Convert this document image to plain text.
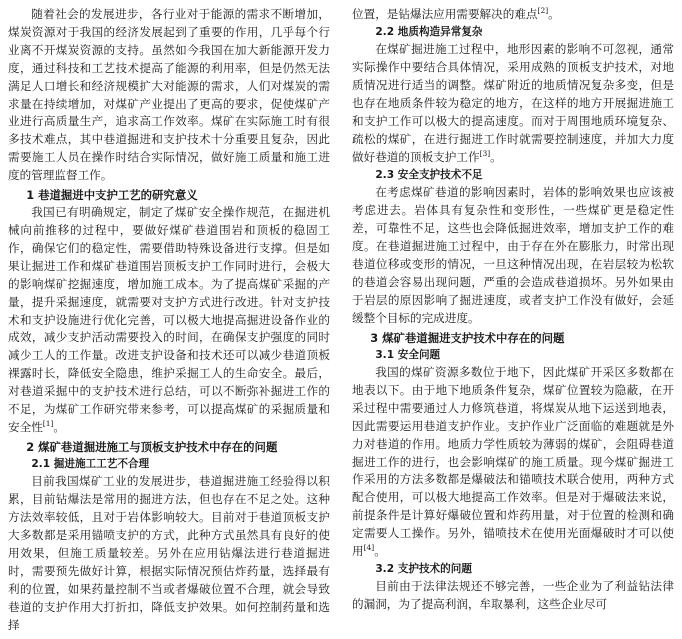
随着社会的发展进步，各行业对于能源的需求不断增加，煤炭资源对于我国的经济发展起到了重要的作用，几乎每个行业离不开煤炭资源的支持。虽然如今我国在加大新能源开发力度，通过科技和工艺技术提高了能源的利用率，但是仍然无法满足人口增长和经济规模扩大对能源的需求，人们对煤炭的需求量在持续增加，对煤矿产业提出了更高的要求，促使煤矿产业进行高质量生产，追求高工作效率。煤矿在实际施工时有很多技术难点，其中巷道掘进和支护技术十分重要且复杂，因此需要施工人员在操作时结合实际情况，做好施工质量和施工进度的管理监督工作。

1 巷道掘进中支护工艺的研究意义

我国已有明确规定，制定了煤矿安全操作规范，在掘进机械向前推移的过程中，要做好煤矿巷道围岩和顶板的稳固工作，确保它们的稳定性，需要借助特殊设备进行支撑。但是如果让掘进工作和煤矿巷道围岩顶板支护工作同时进行，会极大的影响煤矿挖掘速度，增加施工成本。为了提高煤矿采掘的产量，提升采掘速度，就需要对支护方式进行改进。针对支护技术和支护设施进行优化完善，可以极大地提高掘进设备作业的成效，减少支护活动需要投入的时间，在确保支护强度的同时减少工人的工作量。改进支护设备和技术还可以减少巷道顶板裸露时长，降低安全隐患，维护采掘工人的生命安全。最后，对巷道采掘中的支护技术进行总结，可以不断弥补掘进工作的不足，为煤矿工作研究带来参考，可以提高煤矿的采掘质量和安全性[1]。

2 煤矿巷道掘进施工与顶板支护技术中存在的问题
2.1 掘进施工工艺不合理

目前我国煤矿工业的发展进步，巷道掘进施工经验得以积累，目前钻爆法是常用的掘进方法，但也存在不足之处。这种方法效率较低，且对于岩体影响较大。目前对于巷道顶板支护大多数都是采用锚喷支护的方式，此种方式虽然具有良好的使用效果，但施工质量较差。另外在应用钻爆法进行巷道掘进时，需要预先做好计算，根据实际情况预估炸药量，选择最有利的位置，如果药量控制不当或者爆破位置不合理，就会导致巷道的支护作用大打折扣，降低支护效果。如何控制药量和选择

位置，是钻爆法应用需要解决的难点[2]。

2.2 地质构造异常复杂

在煤矿掘进施工过程中，地形因素的影响不可忽视，通常实际操作中要结合具体情况，采用成熟的顶板支护技术，对地质情况进行适当的调整。煤矿附近的地质情况复杂多变，但是也存在地质条件较为稳定的地方，在这样的地方开展掘进施工和支护工作可以极大的提高速度。而对于周围地质环境复杂、疏松的煤矿，在进行掘进工作时就需要控制速度，并加大力度做好巷道的顶板支护工作[3]。

2.3 安全支护技术不足

在考虑煤矿巷道的影响因素时，岩体的影响效果也应该被考虑进去。岩体具有复杂性和变形性，一些煤矿更是稳定性差，可靠性不足，这些也会降低掘进效率，增加支护工作的难度。在巷道掘进施工过程中，由于存在外在膨胀力，时常出现巷道位移或变形的情况，一旦这种情况出现，在岩层较为松软的巷道会容易出现问题，严重的会造成巷道损坏。另外如果由于岩层的原因影响了掘进速度，或者支护工作没有做好，会延缓整个目标的完成进度。

3 煤矿巷道掘进支护技术中存在的问题
3.1 安全问题

我国的煤矿资源多数位于地下，因此煤矿开采区多数都在地表以下。由于地下地质条件复杂，煤矿位置较为隐蔽，在开采过程中需要通过人力修筑巷道，将煤炭从地下运送到地表，因此需要运用巷道支护作业。支护作业广泛面临的难题就是外力对巷道的作用。地质力学性质较为薄弱的煤矿，会阻碍巷道掘进工作的进行，也会影响煤矿的施工质量。现今煤矿掘进工作采用的方法多数都是爆破法和锚喷技术联合使用，两种方式配合使用，可以极大地提高工作效率。但是对于爆破法来说，前提条件是计算好爆破位置和炸药用量，对于位置的检测和确定需要人工操作。另外，锚喷技术在使用光面爆破时才可以使用[4]。

3.2 支护技术的问题

目前由于法律法规还不够完善，一些企业为了利益钻法律的漏洞，为了提高利润，牟取暴利，这些企业尽可
